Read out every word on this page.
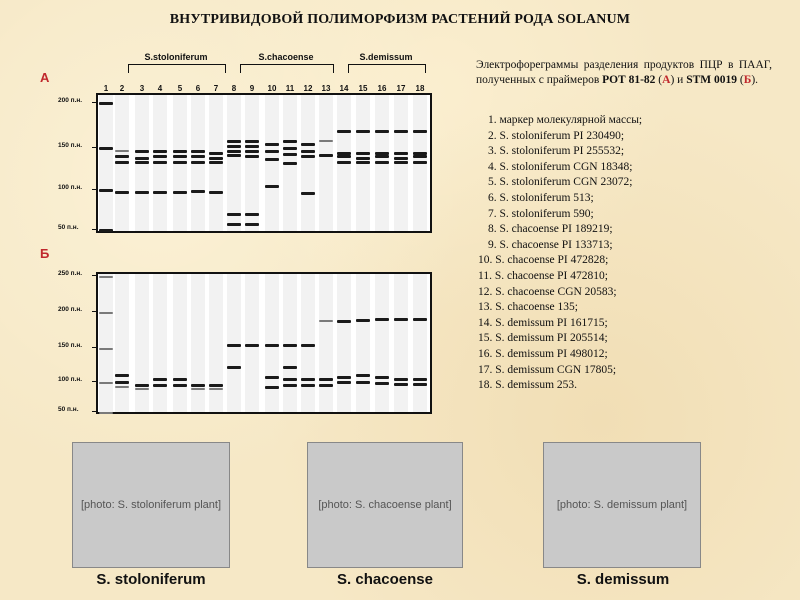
ВНУТРИВИДОВОЙ ПОЛИМОРФИЗМ РАСТЕНИЙ РОДА SOLANUM
А
Б
S.stoloniferum	S.chacoense	S.demissum
1	2	3	4	5	6	7	8	9	10	11	12	13	14	15	16	17	18
200 п.н.
150 п.н.
100 п.н.
50 п.н.
250 п.н.
200 п.н.
150 п.н.
100 п.н.
50 п.н.
Электрофореграммы разделения продуктов ПЦР в ПААГ, полученных с праймеров РОТ 81-82 (А) и STM 0019 (Б).
1. маркер молекулярной массы;
2. S. stoloniferum PI 230490;
3. S. stoloniferum PI 255532;
4. S. stoloniferum CGN 18348;
5. S. stoloniferum CGN 23072;
6. S. stoloniferum 513;
7. S. stoloniferum 590;
8. S. chacoense PI 189219;
9. S. chacoense PI 133713;
10. S. chacoense PI 472828;
11. S. chacoense PI 472810;
12. S. chacoense CGN 20583;
13. S. chacoense 135;
14. S. demissum PI 161715;
15. S. demissum PI 205514;
16. S. demissum PI 498012;
17. S. demissum CGN 17805;
18. S. demissum 253.
[photo: S. stoloniferum plant]	[photo: S. chacoense plant]	[photo: S. demissum plant]
S. stoloniferum	S. chacoense	S. demissum
